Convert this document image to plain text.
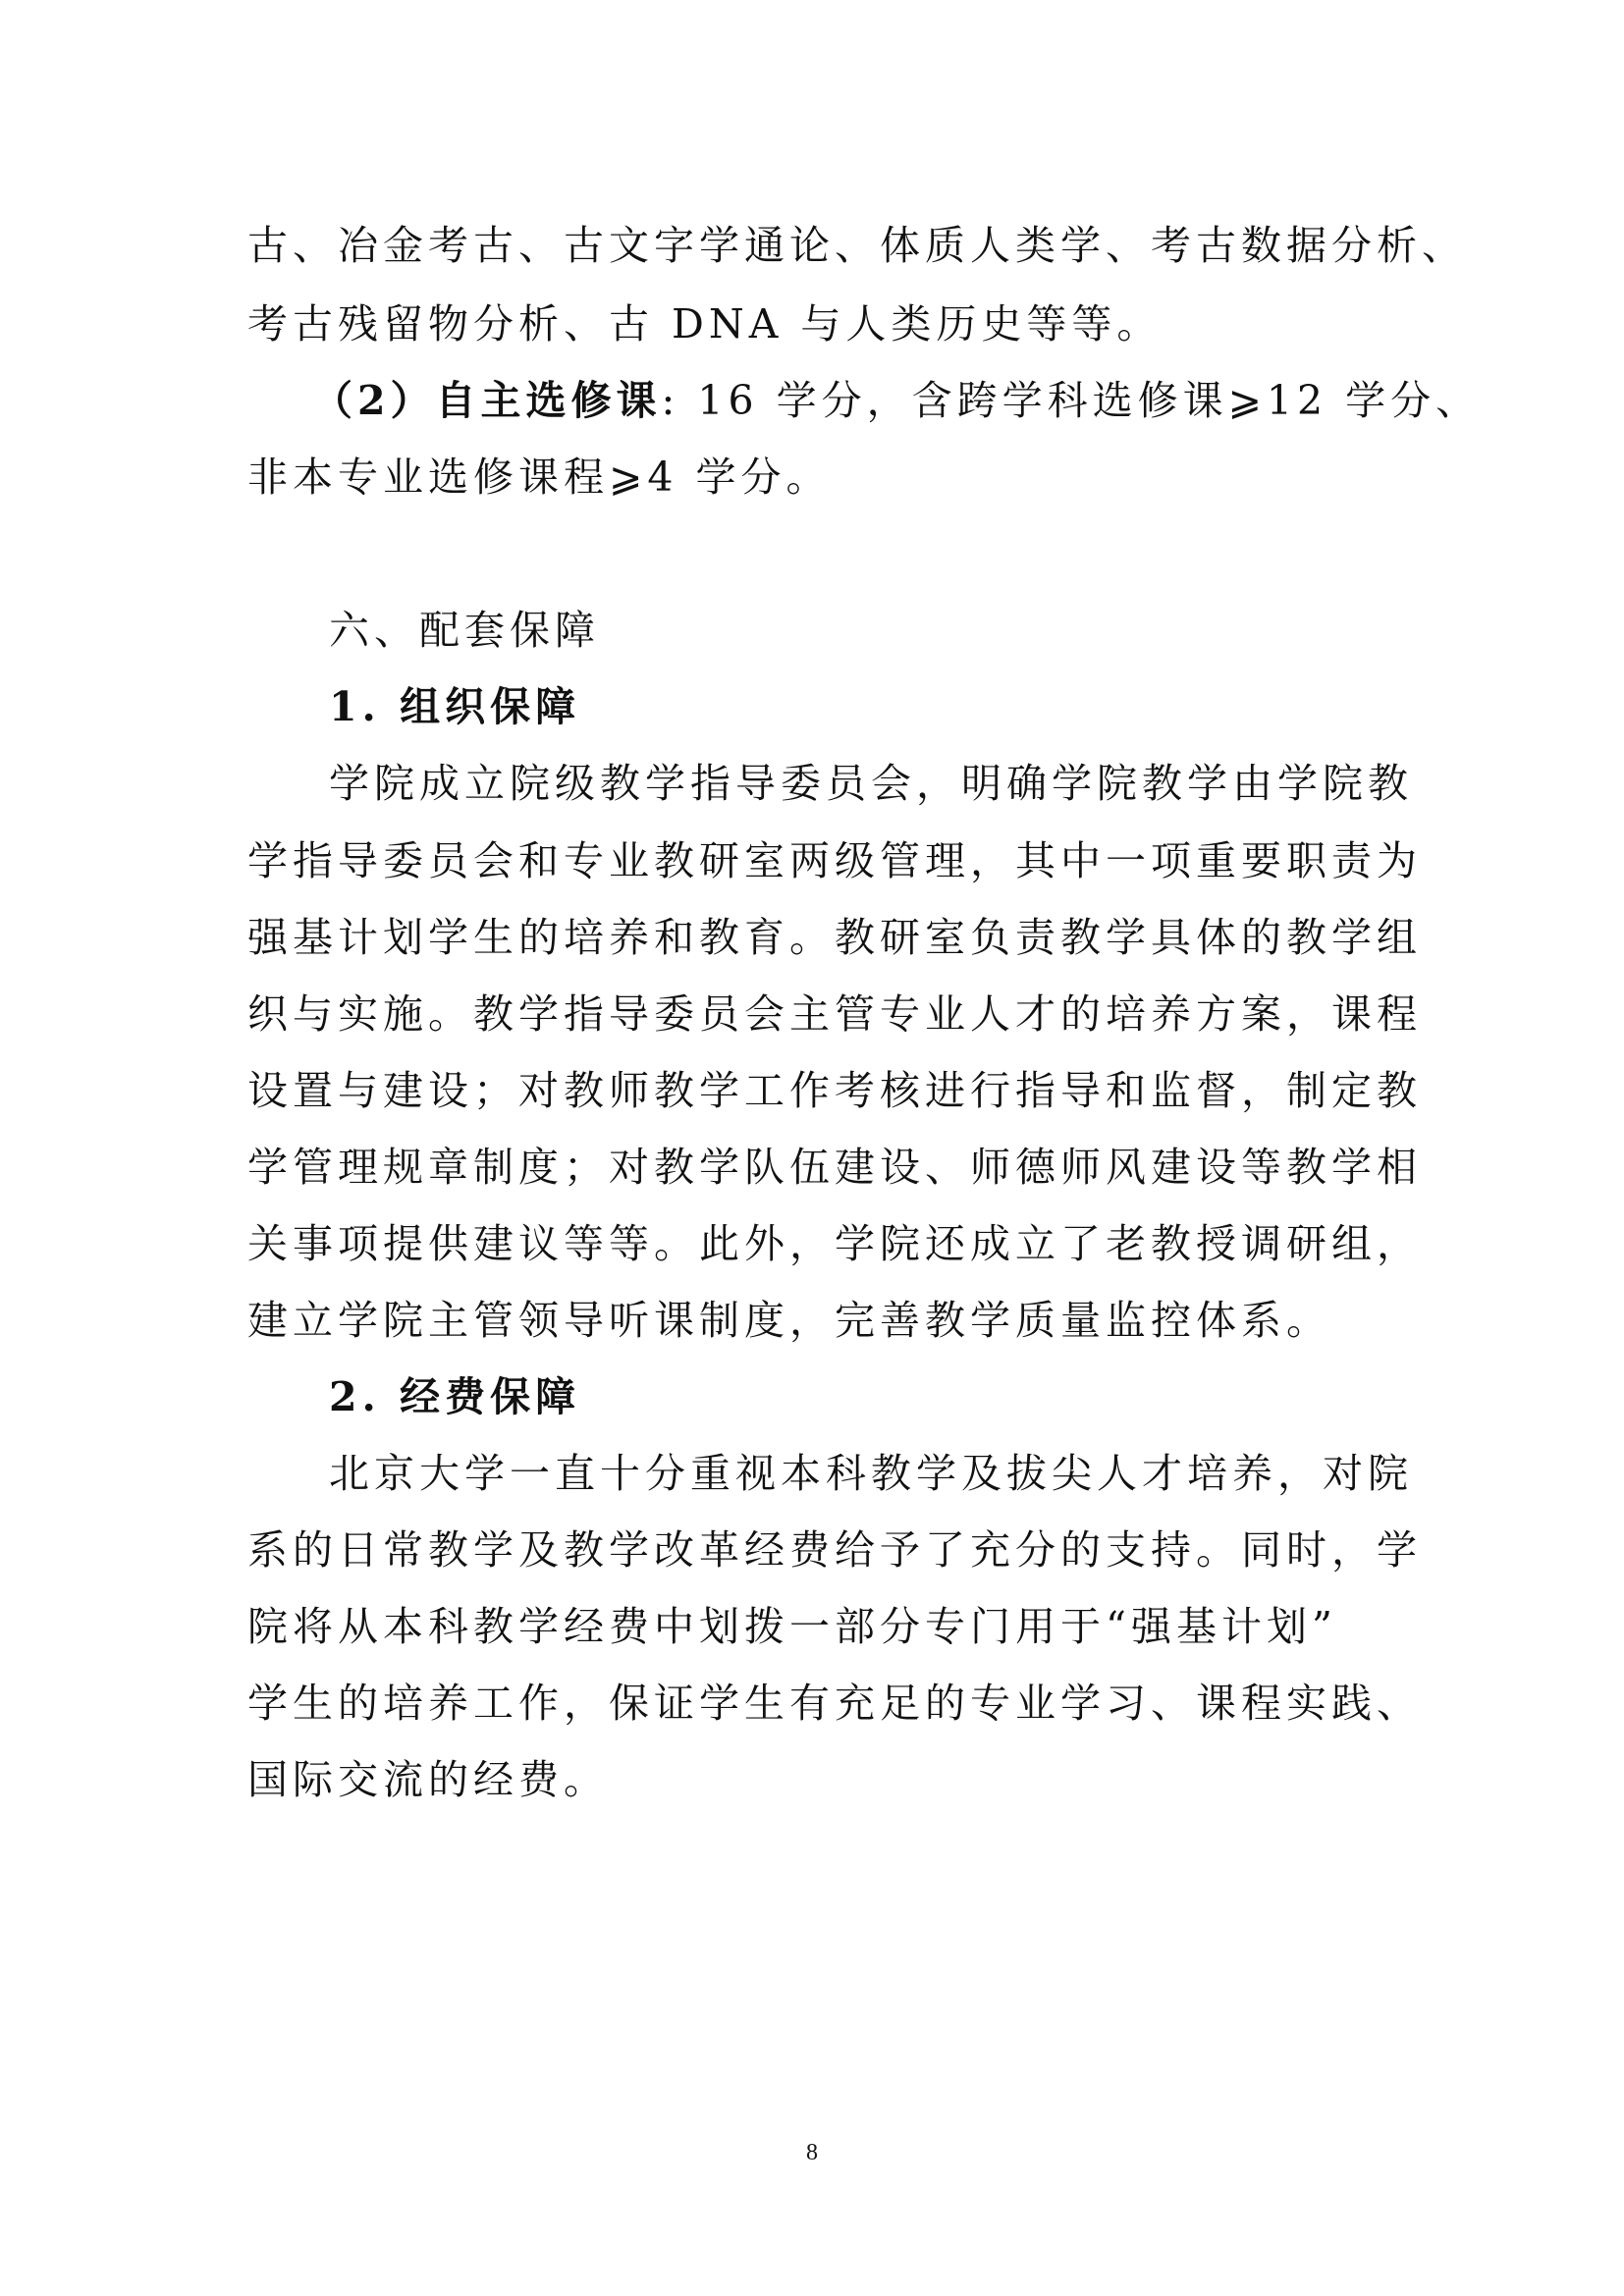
古、冶金考古、古文字学通论、体质人类学、考古数据分析、
考古残留物分析、古 DNA 与人类历史等等。
（2）自主选修课: 16 学分，含跨学科选修课⩾12 学分、
非本专业选修课程⩾4 学分。
六、配套保障
1. 组织保障
学院成立院级教学指导委员会，明确学院教学由学院教
学指导委员会和专业教研室两级管理，其中一项重要职责为
强基计划学生的培养和教育。教研室负责教学具体的教学组
织与实施。教学指导委员会主管专业人才的培养方案，课程
设置与建设；对教师教学工作考核进行指导和监督，制定教
学管理规章制度；对教学队伍建设、师德师风建设等教学相
关事项提供建议等等。此外，学院还成立了老教授调研组，
建立学院主管领导听课制度，完善教学质量监控体系。
2. 经费保障
北京大学一直十分重视本科教学及拔尖人才培养，对院
系的日常教学及教学改革经费给予了充分的支持。同时，学
院将从本科教学经费中划拨一部分专门用于“强基计划”
学生的培养工作，保证学生有充足的专业学习、课程实践、
国际交流的经费。
8
